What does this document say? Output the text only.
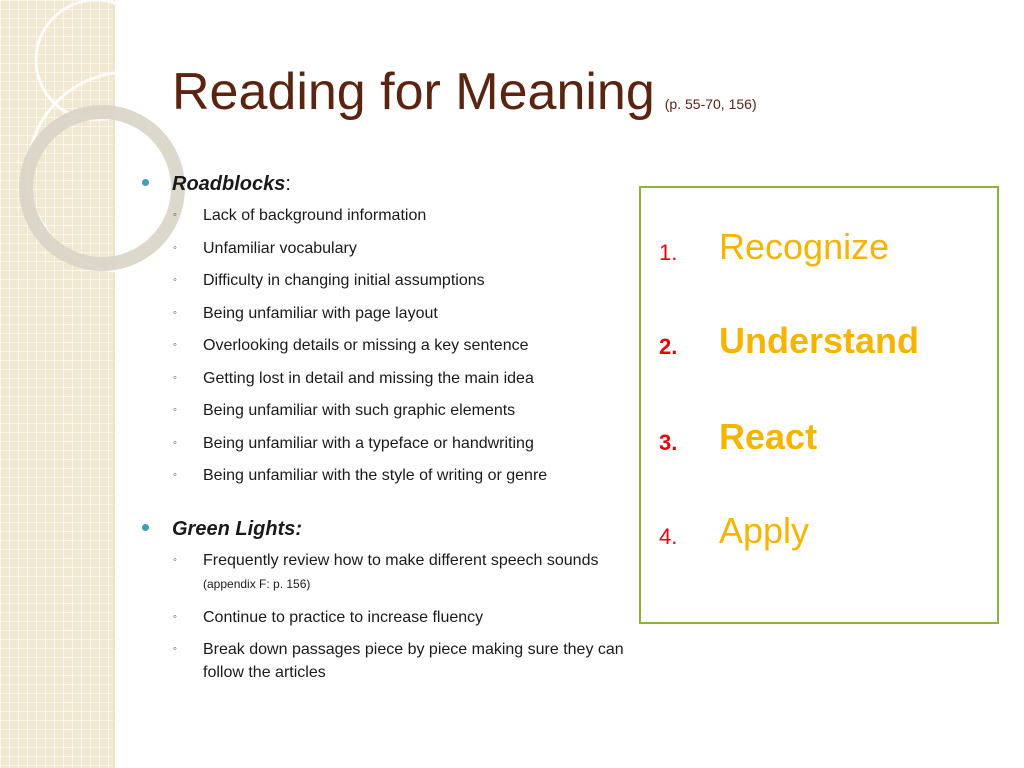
Reading for Meaning (p. 55-70, 156)
Roadblocks:
◦ Lack of background information
◦ Unfamiliar vocabulary
◦ Difficulty in changing initial assumptions
◦ Being unfamiliar with page layout
◦ Overlooking details or missing a key sentence
◦ Getting lost in detail and missing the main idea
◦ Being unfamiliar with such graphic elements
◦ Being unfamiliar with a typeface or handwriting
◦ Being unfamiliar with the style of writing or genre
Green Lights:
◦ Frequently review how to make different speech sounds (appendix F: p. 156)
◦ Continue to practice to increase fluency
◦ Break down passages piece by piece making sure they can follow the articles
1.	Recognize
2.	Understand
3.	React
4.	Apply
